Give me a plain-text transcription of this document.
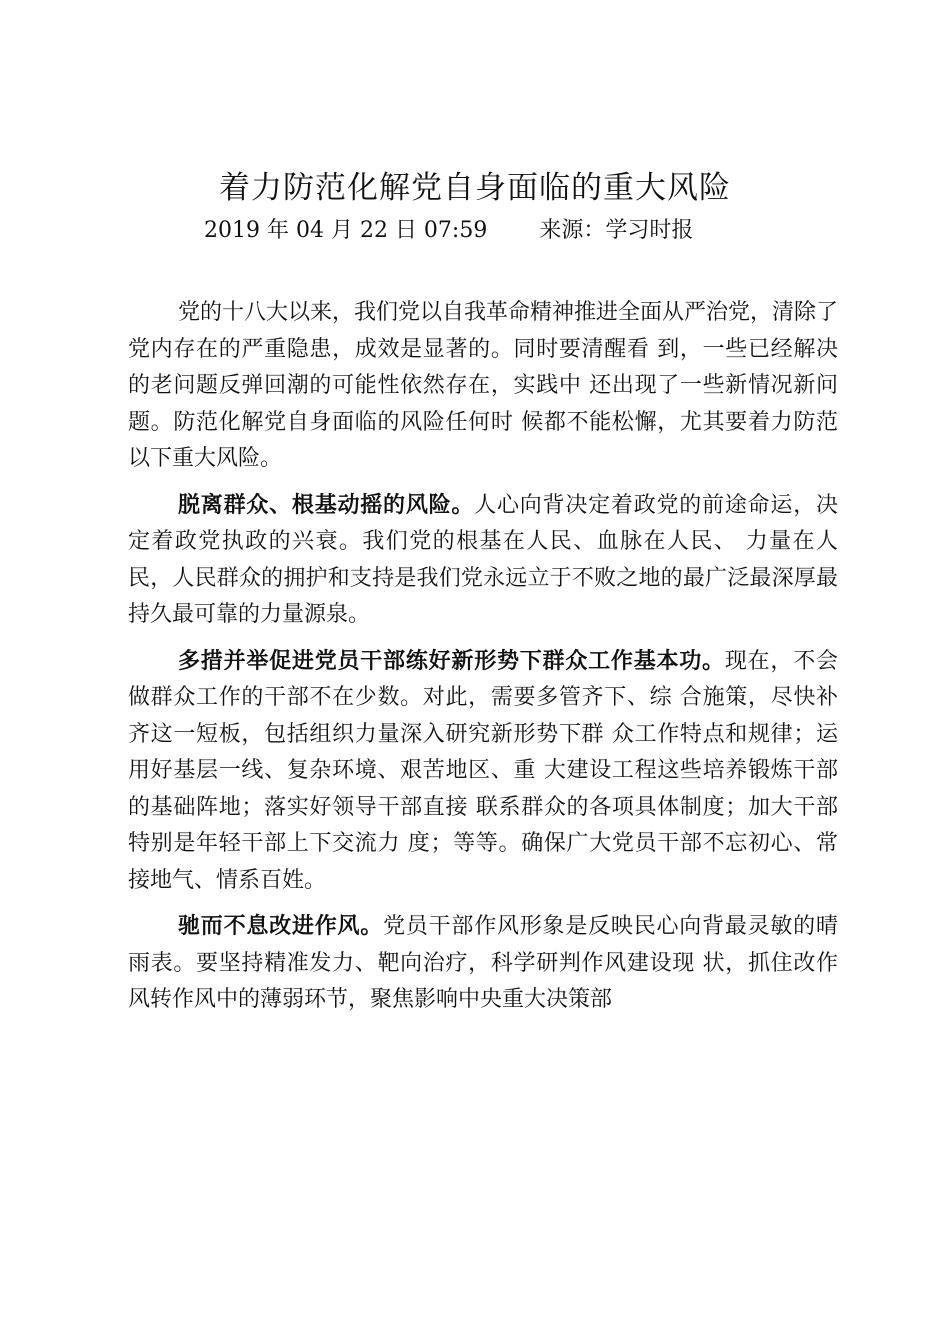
着力防范化解党自身面临的重大风险
2019 年 04 月 22 日 07:59 来源：学习时报

党的十八大以来，我们党以自我革命精神推进全面从严治党，清除了党内存在的严重隐患，成效是显著的。同时要清醒看 到，一些已经解决的老问题反弹回潮的可能性依然存在，实践中 还出现了一些新情况新问题。防范化解党自身面临的风险任何时 候都不能松懈，尤其要着力防范以下重大风险。

脱离群众、根基动摇的风险。人心向背决定着政党的前途命运，决定着政党执政的兴衰。我们党的根基在人民、血脉在人民、 力量在人民，人民群众的拥护和支持是我们党永远立于不败之地的最广泛最深厚最持久最可靠的力量源泉。

多措并举促进党员干部练好新形势下群众工作基本功。现在，不会做群众工作的干部不在少数。对此，需要多管齐下、综 合施策，尽快补齐这一短板，包括组织力量深入研究新形势下群 众工作特点和规律；运用好基层一线、复杂环境、艰苦地区、重 大建设工程这些培养锻炼干部的基础阵地；落实好领导干部直接 联系群众的各项具体制度；加大干部特别是年轻干部上下交流力 度；等等。确保广大党员干部不忘初心、常接地气、情系百姓。

驰而不息改进作风。党员干部作风形象是反映民心向背最灵敏的晴雨表。要坚持精准发力、靶向治疗，科学研判作风建设现 状，抓住改作风转作风中的薄弱环节，聚焦影响中央重大决策部
